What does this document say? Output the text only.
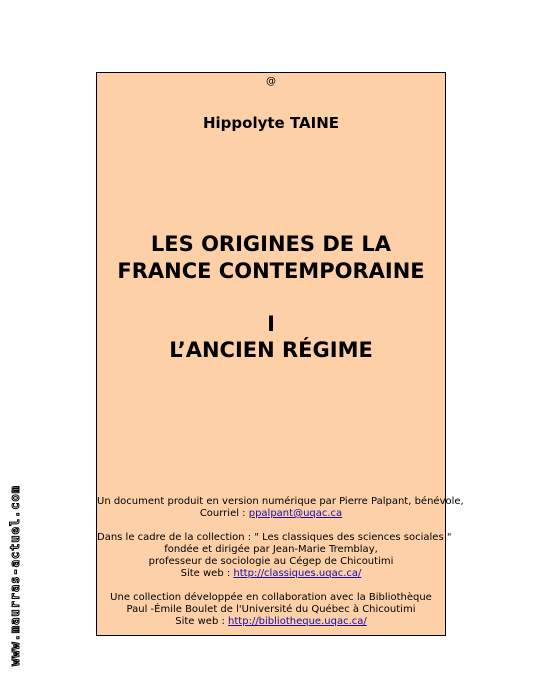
@
Hippolyte TAINE
LES ORIGINES DE LA
FRANCE CONTEMPORAINE
I
L’ANCIEN RÉGIME

Un document produit en version numérique par Pierre Palpant, bénévole,
Courriel : ppalpant@uqac.ca

Dans le cadre de la collection : " Les classiques des sciences sociales "
fondée et dirigée par Jean-Marie Tremblay,
professeur de sociologie au Cégep de Chicoutimi
Site web : http://classiques.uqac.ca/

Une collection développée en collaboration avec la Bibliothèque
Paul -Émile Boulet de l'Université du Québec à Chicoutimi
Site web : http://bibliotheque.uqac.ca/

www.maurras-actuel.com
